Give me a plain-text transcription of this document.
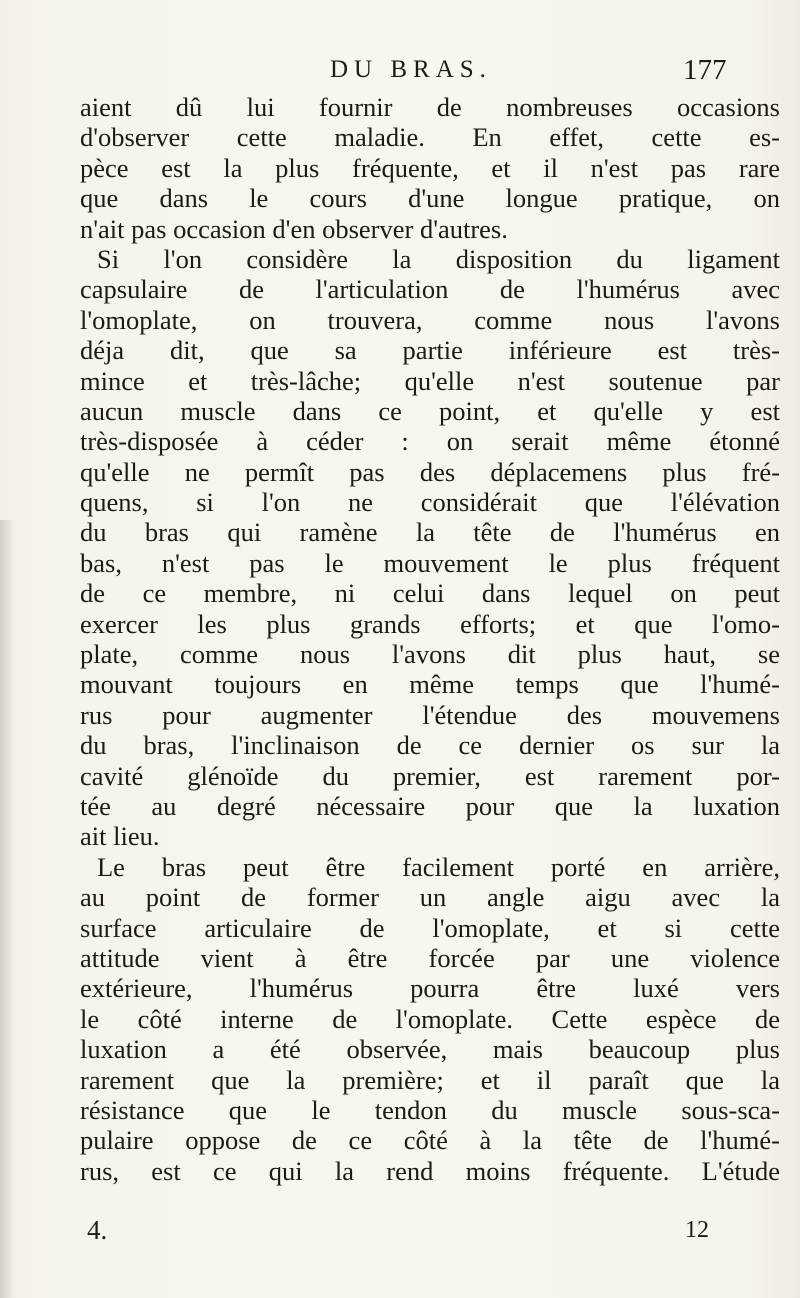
DU BRAS.	177
aient dû lui fournir de nombreuses occasions
d'observer cette maladie. En effet, cette es-
pèce est la plus fréquente, et il n'est pas rare
que dans le cours d'une longue pratique, on
n'ait pas occasion d'en observer d'autres.
Si l'on considère la disposition du ligament
capsulaire de l'articulation de l'humérus avec
l'omoplate, on trouvera, comme nous l'avons
déja dit, que sa partie inférieure est très-
mince et très-lâche; qu'elle n'est soutenue par
aucun muscle dans ce point, et qu'elle y est
très-disposée à céder : on serait même étonné
qu'elle ne permît pas des déplacemens plus fré-
quens, si l'on ne considérait que l'élévation
du bras qui ramène la tête de l'humérus en
bas, n'est pas le mouvement le plus fréquent
de ce membre, ni celui dans lequel on peut
exercer les plus grands efforts; et que l'omo-
plate, comme nous l'avons dit plus haut, se
mouvant toujours en même temps que l'humé-
rus pour augmenter l'étendue des mouvemens
du bras, l'inclinaison de ce dernier os sur la
cavité glénoïde du premier, est rarement por-
tée au degré nécessaire pour que la luxation
ait lieu.
Le bras peut être facilement porté en arrière,
au point de former un angle aigu avec la
surface articulaire de l'omoplate, et si cette
attitude vient à être forcée par une violence
extérieure, l'humérus pourra être luxé vers
le côté interne de l'omoplate. Cette espèce de
luxation a été observée, mais beaucoup plus
rarement que la première; et il paraît que la
résistance que le tendon du muscle sous-sca-
pulaire oppose de ce côté à la tête de l'humé-
rus, est ce qui la rend moins fréquente. L'étude
4.	12
